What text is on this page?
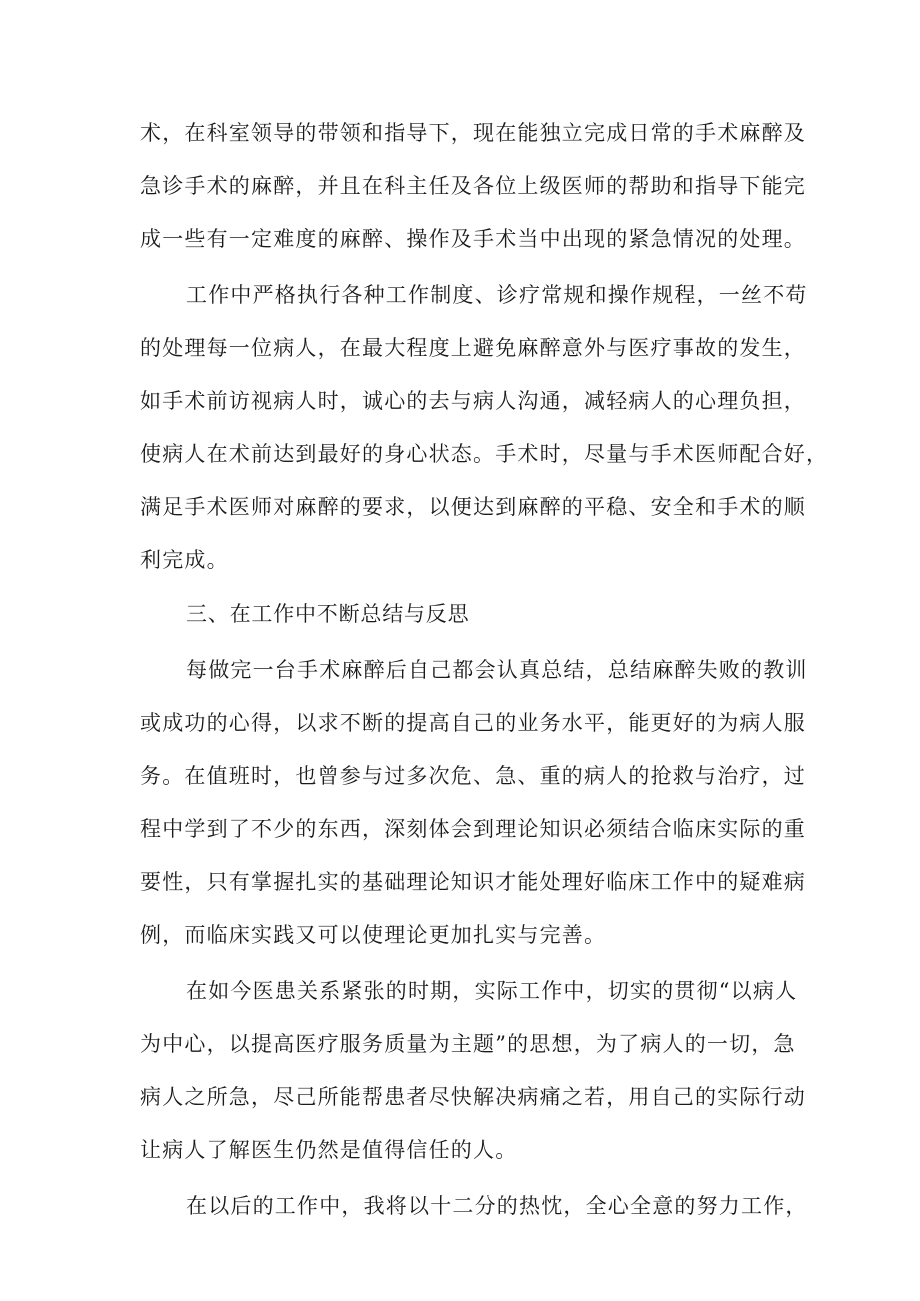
术，在科室领导的带领和指导下，现在能独立完成日常的手术麻醉及
急诊手术的麻醉，并且在科主任及各位上级医师的帮助和指导下能完
成一些有一定难度的麻醉、操作及手术当中出现的紧急情况的处理。
工作中严格执行各种工作制度、诊疗常规和操作规程，一丝不苟
的处理每一位病人，在最大程度上避免麻醉意外与医疗事故的发生，
如手术前访视病人时，诚心的去与病人沟通，减轻病人的心理负担，
使病人在术前达到最好的身心状态。手术时，尽量与手术医师配合好，
满足手术医师对麻醉的要求，以便达到麻醉的平稳、安全和手术的顺
利完成。
三、在工作中不断总结与反思
每做完一台手术麻醉后自己都会认真总结，总结麻醉失败的教训
或成功的心得，以求不断的提高自己的业务水平，能更好的为病人服
务。在值班时，也曾参与过多次危、急、重的病人的抢救与治疗，过
程中学到了不少的东西，深刻体会到理论知识必须结合临床实际的重
要性，只有掌握扎实的基础理论知识才能处理好临床工作中的疑难病
例，而临床实践又可以使理论更加扎实与完善。
在如今医患关系紧张的时期，实际工作中，切实的贯彻“以病人
为中心，以提高医疗服务质量为主题”的思想，为了病人的一切，急
病人之所急，尽己所能帮患者尽快解决病痛之若，用自己的实际行动
让病人了解医生仍然是值得信任的人。
在以后的工作中，我将以十二分的热忱，全心全意的努力工作，
